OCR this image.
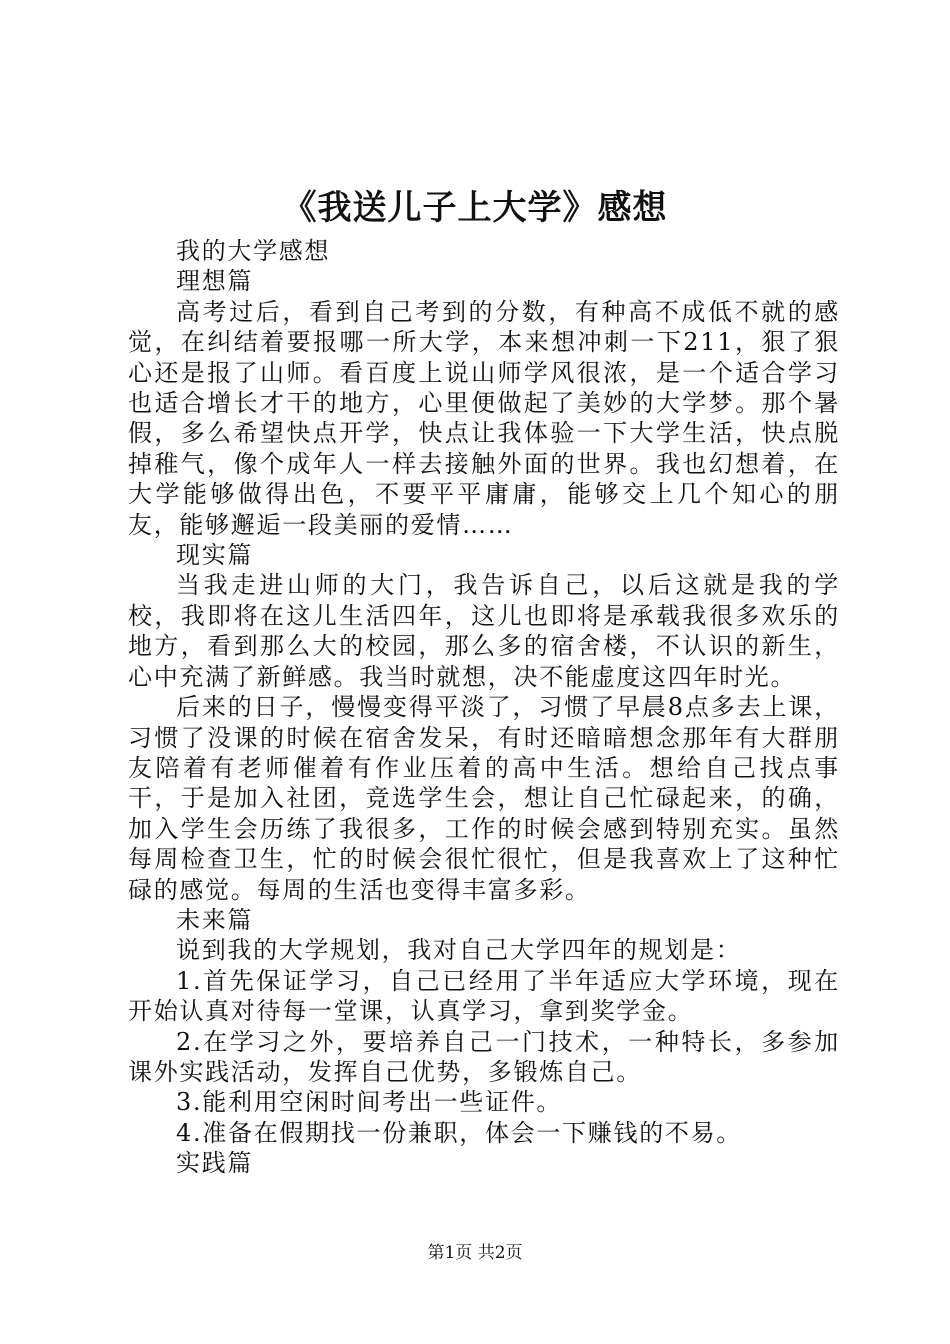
《我送儿子上大学》感想

我的大学感想

理想篇

高考过后，看到自己考到的分数，有种高不成低不就的感觉，在纠结着要报哪一所大学，本来想冲刺一下211，狠了狠心还是报了山师。看百度上说山师学风很浓，是一个适合学习也适合增长才干的地方，心里便做起了美妙的大学梦。那个暑假，多么希望快点开学，快点让我体验一下大学生活，快点脱掉稚气，像个成年人一样去接触外面的世界。我也幻想着，在大学能够做得出色，不要平平庸庸，能够交上几个知心的朋友，能够邂逅一段美丽的爱情……

现实篇

当我走进山师的大门，我告诉自己，以后这就是我的学校，我即将在这儿生活四年，这儿也即将是承载我很多欢乐的地方，看到那么大的校园，那么多的宿舍楼，不认识的新生，心中充满了新鲜感。我当时就想，决不能虚度这四年时光。

后来的日子，慢慢变得平淡了，习惯了早晨8点多去上课，习惯了没课的时候在宿舍发呆，有时还暗暗想念那年有大群朋友陪着有老师催着有作业压着的高中生活。想给自己找点事干，于是加入社团，竞选学生会，想让自己忙碌起来，的确，加入学生会历练了我很多，工作的时候会感到特别充实。虽然每周检查卫生，忙的时候会很忙很忙，但是我喜欢上了这种忙碌的感觉。每周的生活也变得丰富多彩。

未来篇

说到我的大学规划，我对自己大学四年的规划是：

1.首先保证学习，自己已经用了半年适应大学环境，现在开始认真对待每一堂课，认真学习，拿到奖学金。

2.在学习之外，要培养自己一门技术，一种特长，多参加课外实践活动，发挥自己优势，多锻炼自己。

3.能利用空闲时间考出一些证件。

4.准备在假期找一份兼职，体会一下赚钱的不易。

实践篇

第1页 共2页
